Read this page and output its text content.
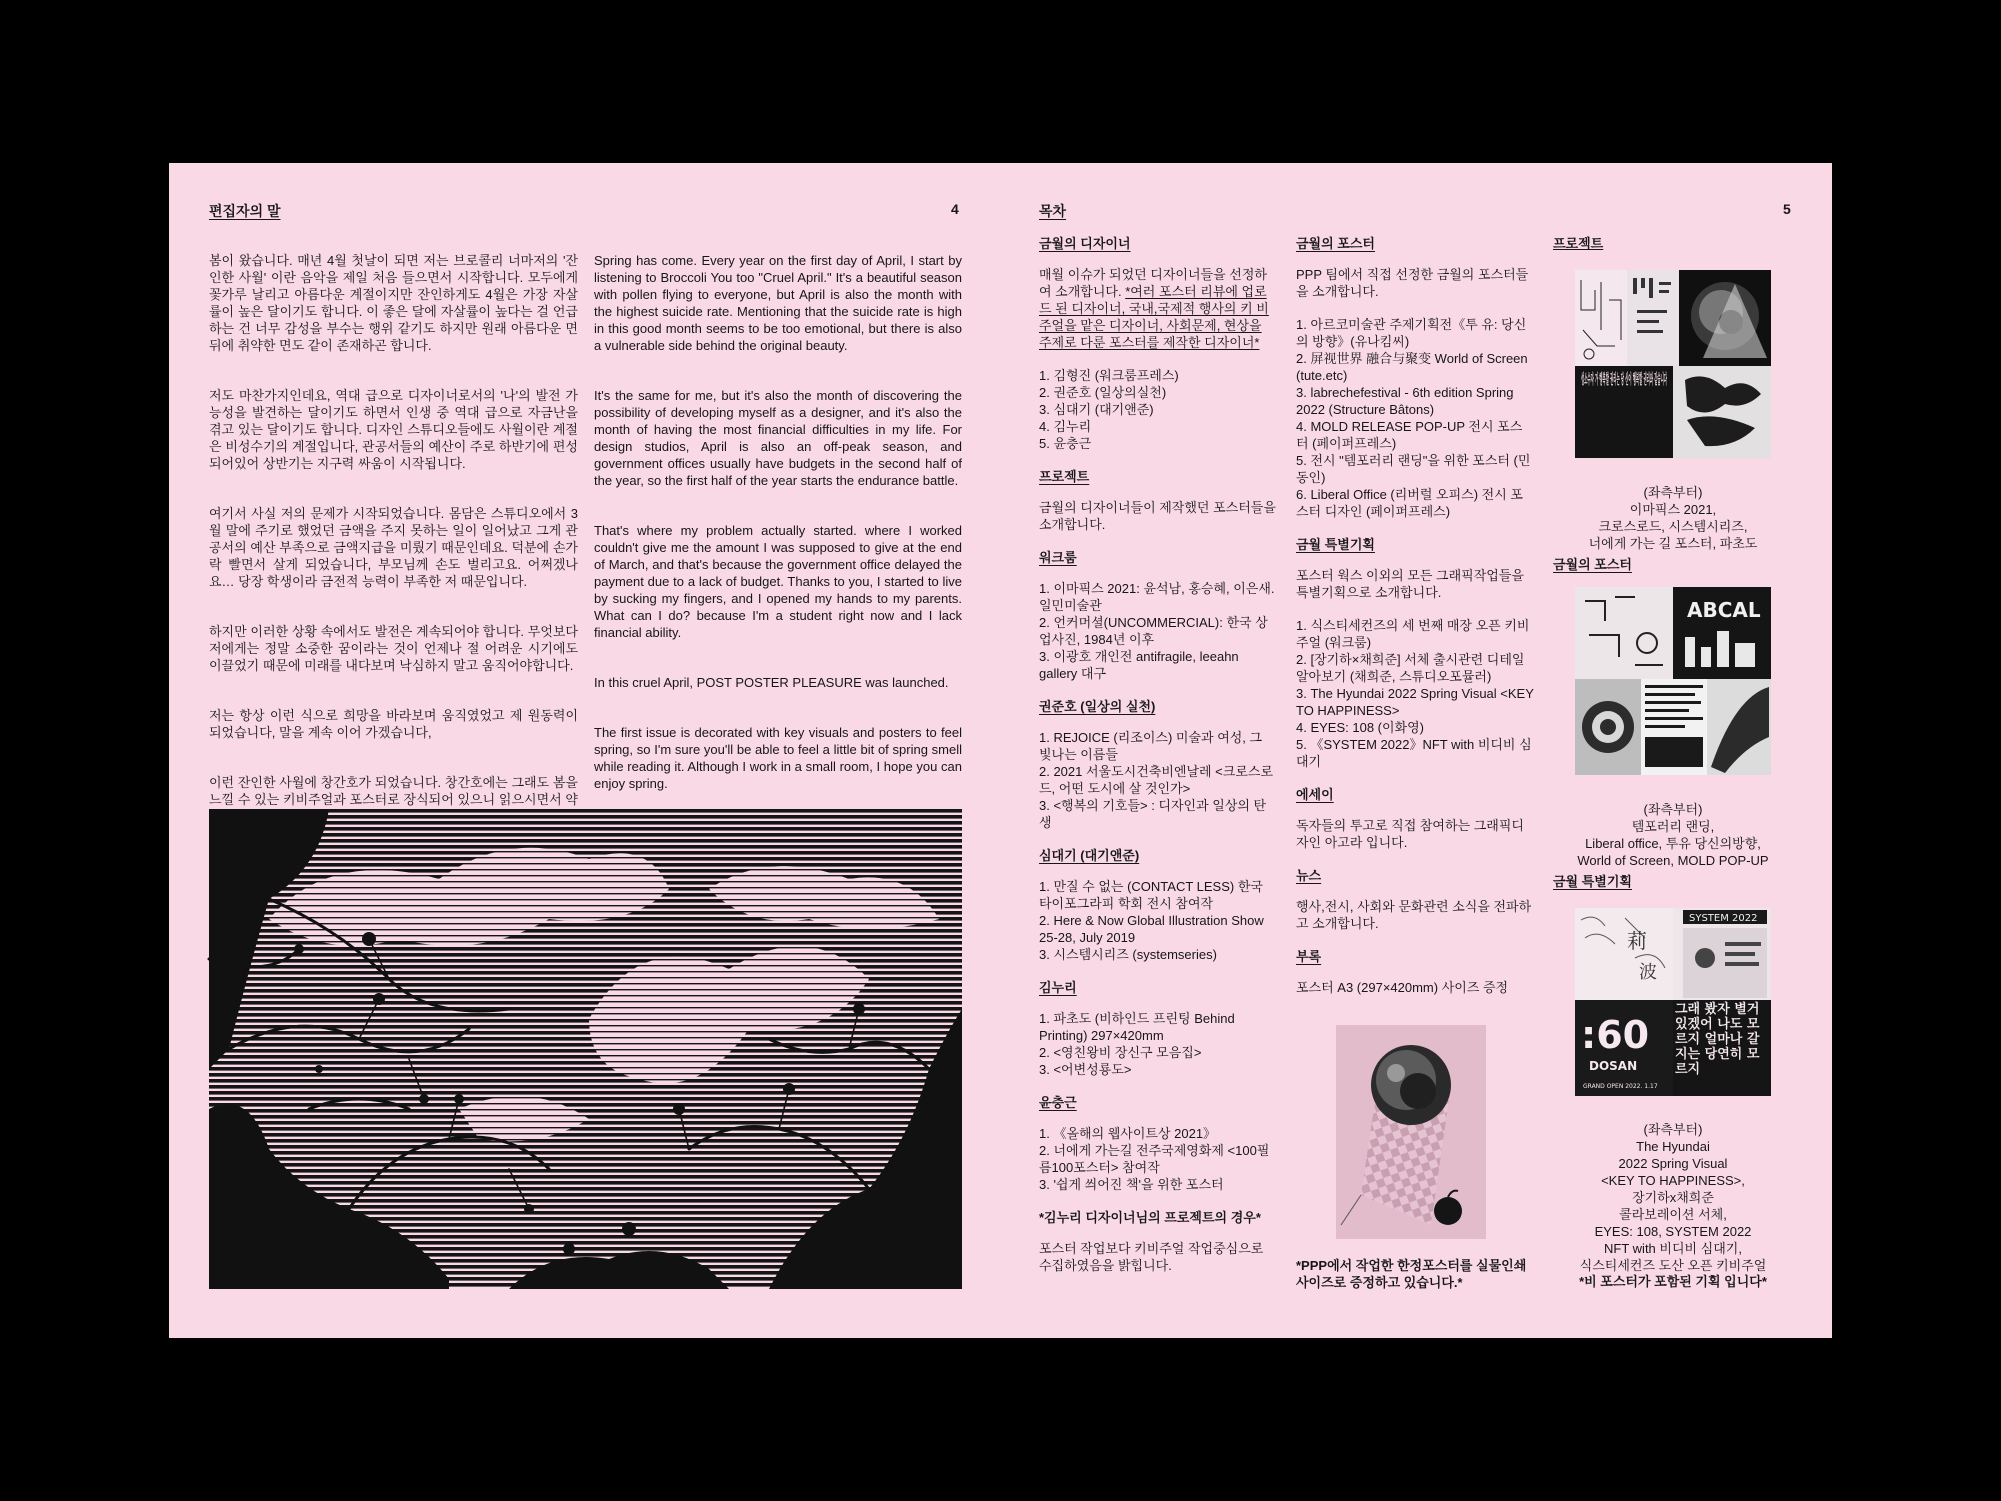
편집자의 말	4

봄이 왔습니다. 매년 4월 첫날이 되면 저는 브로콜리 너마저의 '잔인한 사월' 이란 음악을 제일 처음 들으면서 시작합니다. 모두에게 꽃가루 날리고 아름다운 계절이지만 잔인하게도 4월은 가장 자살률이 높은 달이기도 합니다. 이 좋은 달에 자살률이 높다는 걸 언급하는 건 너무 감성을 부수는 행위 같기도 하지만 원래 아름다운 면 뒤에 취약한 면도 같이 존재하곤 합니다.

저도 마찬가지인데요, 역대 급으로 디자이너로서의 '나'의 발전 가능성을 발견하는 달이기도 하면서 인생 중 역대 급으로 자금난을 겪고 있는 달이기도 합니다. 디자인 스튜디오들에도 사월이란 계절은 비성수기의 계절입니다, 관공서들의 예산이 주로 하반기에 편성되어있어 상반기는 지구력 싸움이 시작됩니다.

여기서 사실 저의 문제가 시작되었습니다. 몸담은 스튜디오에서 3월 말에 주기로 했었던 금액을 주지 못하는 일이 일어났고 그게 관공서의 예산 부족으로 금액지급을 미뤘기 때문인데요. 덕분에 손가락 빨면서 살게 되었습니다, 부모님께 손도 벌리고요. 어쩌겠나요… 당장 학생이라 금전적 능력이 부족한 저 때문입니다.

하지만 이러한 상황 속에서도 발전은 계속되어야 합니다. 무엇보다 저에게는 정말 소중한 꿈이라는 것이 언제나 절 어려운 시기에도 이끌었기 때문에 미래를 내다보며 낙심하지 말고 움직어야합니다.

저는 항상 이런 식으로 희망을 바라보며 움직였었고 제 원동력이 되었습니다, 말을 계속 이어 가겠습니다,

이런 잔인한 사월에 창간호가 되었습니다. 창간호에는 그래도 봄을 느낄 수 있는 키비주얼과 포스터로 장식되어 있으니 읽으시면서 약

Spring has come. Every year on the first day of April, I start by listening to Broccoli You too "Cruel April." It's a beautiful season with pollen flying to everyone, but April is also the month with the highest suicide rate. Mentioning that the suicide rate is high in this good month seems to be too emotional, but there is also a vulnerable side behind the original beauty.

It's the same for me, but it's also the month of discovering the possibility of developing myself as a designer, and it's also the month of having the most financial difficulties in my life. For design studios, April is also an off-peak season, and government offices usually have budgets in the second half of the year, so the first half of the year starts the endurance battle.

That's where my problem actually started. where I worked couldn't give me the amount I was supposed to give at the end of March, and that's because the government office delayed the payment due to a lack of budget. Thanks to you, I started to live by sucking my fingers, and I opened my hands to my parents. What can I do? because I'm a student right now and I lack financial ability.

In this cruel April, POST POSTER PLEASURE was launched.

The first issue is decorated with key visuals and posters to feel spring, so I'm sure you'll be able to feel a little bit of spring smell while reading it. Although I work in a small room, I hope you can enjoy spring.

목차	5
금월의 디자이너
매월 이슈가 되었던 디자이너들을 선정하여 소개합니다. *여러 포스터 리뷰에 업로드 된 디자이너, 국내,국제적 행사의 키 비주얼을 맡은 디자이너, 사회문제, 현상을 주제로 다룬 포스터를 제작한 디자이너*
1. 김형진 (워크룸프레스)
2. 권준호 (일상의실천)
3. 심대기 (대기앤준)
4. 김누리
5. 윤충근
프로젝트
금월의 디자이너들이 제작했던 포스터들을 소개합니다.
워크룸
1. 이마픽스 2021: 윤석남, 홍승혜, 이은새. 일민미술관
2. 언커머셜(UNCOMMERCIAL): 한국 상업사진, 1984년 이후
3. 이광호 개인전 antifragile, leeahn gallery 대구
권준호 (일상의 실천)
1. REJOICE (리조이스) 미술과 여성, 그 빛나는 이름들
2. 2021 서울도시건축비엔날레 <크로스로드, 어떤 도시에 살 것인가>
3. <행복의 기호들> : 디자인과 일상의 탄생
심대기 (대기앤준)
1. 만질 수 없는 (CONTACT LESS) 한국 타이포그라피 학회 전시 참여작
2. Here & Now Global Illustration Show 25-28, July 2019
3. 시스템시리즈 (systemseries)
김누리
1. 파초도 (비하인드 프린팅 Behind Printing) 297×420mm
2. <영친왕비 장신구 모음집>
3. <어변성룡도>
윤충근
1. 《올해의 웹사이트상 2021》
2. 너에게 가는길 전주국제영화제 <100필름100포스터> 참여작
3. '쉽게 씌어진 책'을 위한 포스터
*김누리 디자이너님의 프로젝트의 경우*
포스터 작업보다 키비주얼 작업중심으로 수집하였음을 밝힙니다.
금월의 포스터
PPP 팀에서 직접 선정한 금월의 포스터들을 소개합니다.
1. 아르코미술관 주제기획전《투 유: 당신의 방향》(유나킴씨)
2. 屏视世界 融合与聚变 World of Screen (tute.etc)
3. labrechefestival - 6th edition Spring 2022 (Structure Bâtons)
4. MOLD RELEASE POP-UP 전시 포스터 (페이퍼프레스)
5. 전시 "템포러리 랜딩"을 위한 포스터 (민동인)
6. Liberal Office (리버럴 오피스) 전시 포스터 디자인 (페이퍼프레스)
금월 특별기획
포스터 웍스 이외의 모든 그래픽작업들을 특별기획으로 소개합니다.
1. 식스티세컨즈의 세 번째 매장 오픈 키비주얼 (워크룸)
2. [장기하×채희준] 서체 출시관련 디테일 알아보기 (채희준, 스튜디오포뮬러)
3. The Hyundai 2022 Spring Visual <KEY TO HAPPINESS>
4. EYES: 108 (이화영)
5. 《SYSTEM 2022》NFT with 비디비 심대기
에세이
독자들의 투고로 직접 참여하는 그래픽디자인 아고라 입니다.
뉴스
행사,전시, 사회와 문화관련 소식을 전파하고 소개합니다.
부록
포스터 A3 (297×420mm) 사이즈 증정
*PPP에서 작업한 한정포스터를 실물인쇄 사이즈로 증정하고 있습니다.*
프로젝트
(좌측부터)
이마픽스 2021,
크로스로드, 시스템시리즈,
너에게 가는 길 포스터, 파초도
금월의 포스터
ABCAL
(좌측부터)
템포러리 랜딩,
Liberal office, 투유 당신의방향,
World of Screen, MOLD POP-UP
금월 특별기획
莉
波
SYSTEM 2022
:60
DOSAN
GRAND OPEN 2022. 1.17
그래 봤자 별거 있겠어 나도 모르지 얼마나 갈지는 당연히 모르지
(좌측부터)
The Hyundai
2022 Spring Visual
<KEY TO HAPPINESS>,
장기하x채희준
콜라보레이션 서체,
EYES: 108, SYSTEM 2022
NFT with 비디비 심대기,
식스티세컨즈 도산 오픈 키비주얼
*비 포스터가 포함된 기획 입니다*
